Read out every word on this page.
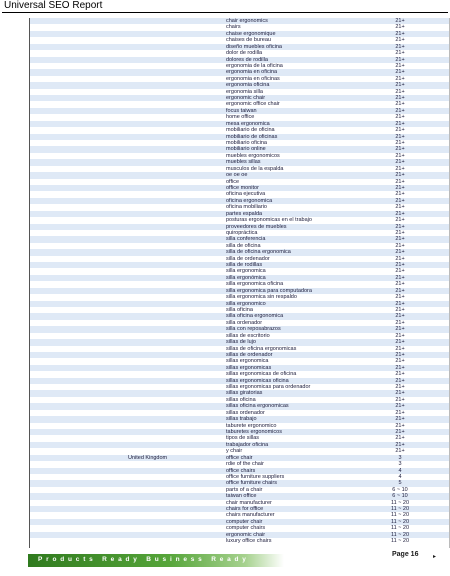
Universal SEO Report
chair ergonomics	21+
chairs	21+
chaise ergonomique	21+
chaises de bureau	21+
diseño muebles oficina	21+
dolor de rodilla	21+
dolores de rodilla	21+
ergonomia de la oficina	21+
ergonomia en oficina	21+
ergonomia en oficinas	21+
ergonomia oficina	21+
ergonomia silla	21+
ergonomic chair	21+
ergonomic office chair	21+
focus taiwan	21+
home office	21+
mesa ergonomica	21+
mobiliario de oficina	21+
mobiliario de oficinas	21+
mobiliario oficina	21+
mobiliario online	21+
muebles ergonomicos	21+
muebles sillas	21+
musculos de la espalda	21+
oe oe oe	21+
office	21+
office monitor	21+
oficina ejecutiva	21+
oficina ergonomica	21+
oficina mobiliario	21+
partes espalda	21+
posturas ergonomicas en el trabajo	21+
proveedores de muebles	21+
quiropráctica	21+
silla conferencia	21+
silla de oficina	21+
silla de oficina ergonomica	21+
silla de ordenador	21+
silla de rodillas	21+
silla ergonomica	21+
silla ergonómica	21+
silla ergonomica oficina	21+
silla ergonomica para computadora	21+
silla ergonomica sin respaldo	21+
silla ergonomico	21+
silla oficina	21+
silla oficina ergonomica	21+
silla ordenador	21+
silla con reposabrazos	21+
sillas de escritorio	21+
sillas de lujo	21+
sillas de oficina ergonomicas	21+
sillas de ordenador	21+
sillas ergonomica	21+
sillas ergonomicas	21+
sillas ergonomicas de oficina	21+
sillas ergonomicas oficina	21+
sillas ergonomicas para ordenador	21+
sillas giratorias	21+
sillas oficina	21+
sillas oficina ergonomicas	21+
sillas ordenador	21+
sillas trabajo	21+
taburete ergonomico	21+
taburetes ergonomicos	21+
tipos de sillas	21+
trabajador oficina	21+
y chair	21+
United Kingdom	office chair	3
rdie of the chair	3
office chairs	4
office furniture suppliers	4
office furniture chairs	5
parts of a chair	6 ~ 10
taiwan office	6 ~ 10
chair manufacturer	11 ~ 20
chairs for office	11 ~ 20
chairs manufacturer	11 ~ 20
computer chair	11 ~ 20
computer chairs	11 ~ 20
ergonomic chair	11 ~ 20
luxury office chairs	11 ~ 20
Products Ready Business Ready
Page 16 ▸
